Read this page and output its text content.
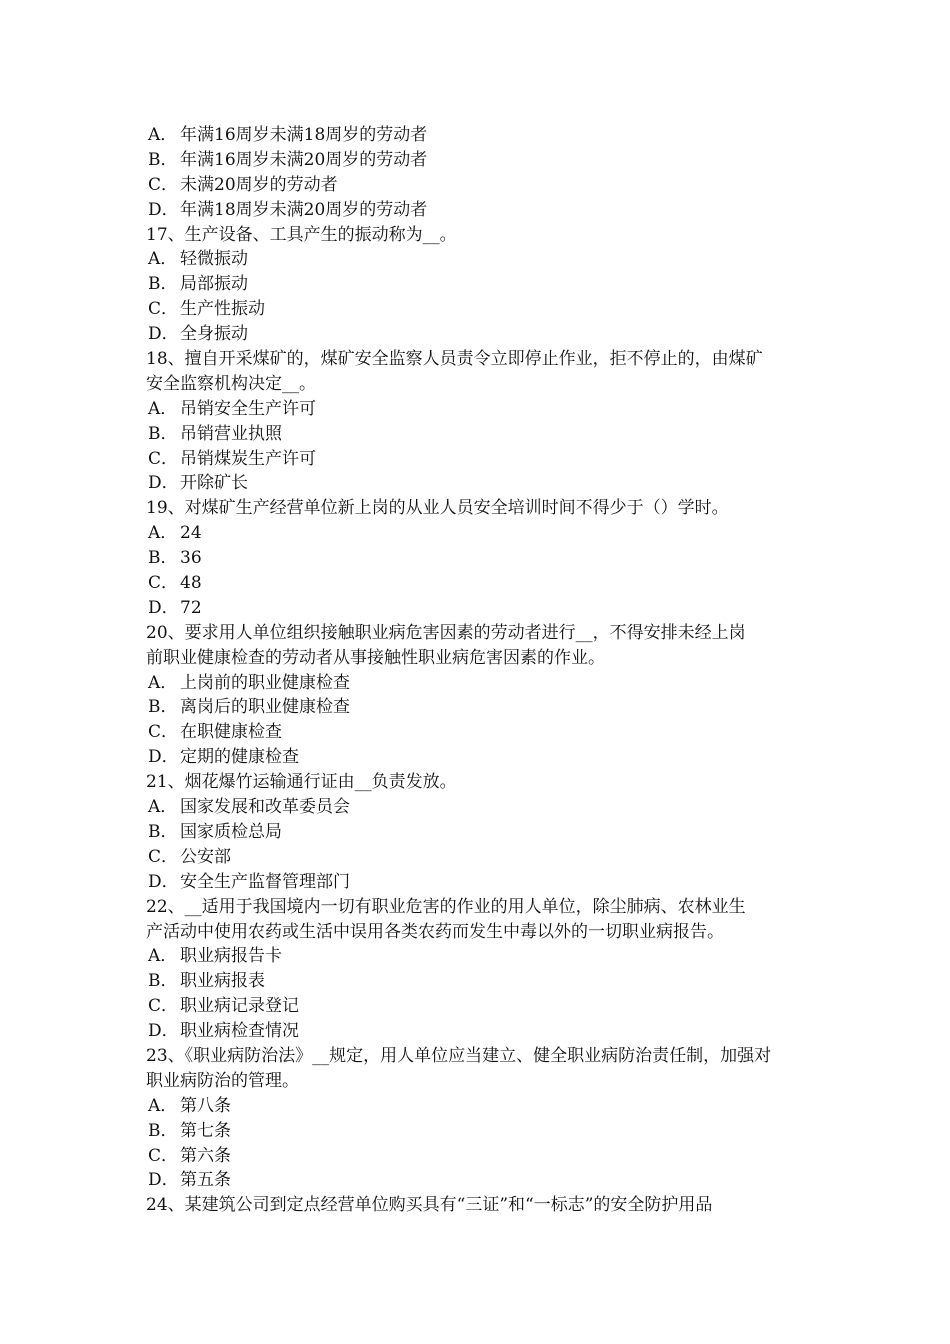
A． 年满16周岁未满18周岁的劳动者
B． 年满16周岁未满20周岁的劳动者
C． 未满20周岁的劳动者
D．年满18周岁未满20周岁的劳动者
17、生产设备、工具产生的振动称为__。
A． 轻微振动
B． 局部振动
C． 生产性振动
D．全身振动
18、擅自开采煤矿的，煤矿安全监察人员责令立即停止作业，拒不停止的，由煤矿
安全监察机构决定__。
A． 吊销安全生产许可
B． 吊销营业执照
C． 吊销煤炭生产许可
D．开除矿长
19、对煤矿生产经营单位新上岗的从业人员安全培训时间不得少于（）学时。
A． 24
B． 36
C． 48
D．72
20、要求用人单位组织接触职业病危害因素的劳动者进行__，不得安排未经上岗
前职业健康检查的劳动者从事接触性职业病危害因素的作业。
A． 上岗前的职业健康检查
B． 离岗后的职业健康检查
C． 在职健康检查
D．定期的健康检查
21、烟花爆竹运输通行证由__负责发放。
A． 国家发展和改革委员会
B． 国家质检总局
C． 公安部
D．安全生产监督管理部门
22、__适用于我国境内一切有职业危害的作业的用人单位，除尘肺病、农林业生
产活动中使用农药或生活中误用各类农药而发生中毒以外的一切职业病报告。
A． 职业病报告卡
B． 职业病报表
C． 职业病记录登记
D．职业病检查情况
23、《职业病防治法》__规定，用人单位应当建立、健全职业病防治责任制，加强对
职业病防治的管理。
A． 第八条
B． 第七条
C． 第六条
D．第五条
24、某建筑公司到定点经营单位购买具有“三证”和“一标志”的安全防护用品
